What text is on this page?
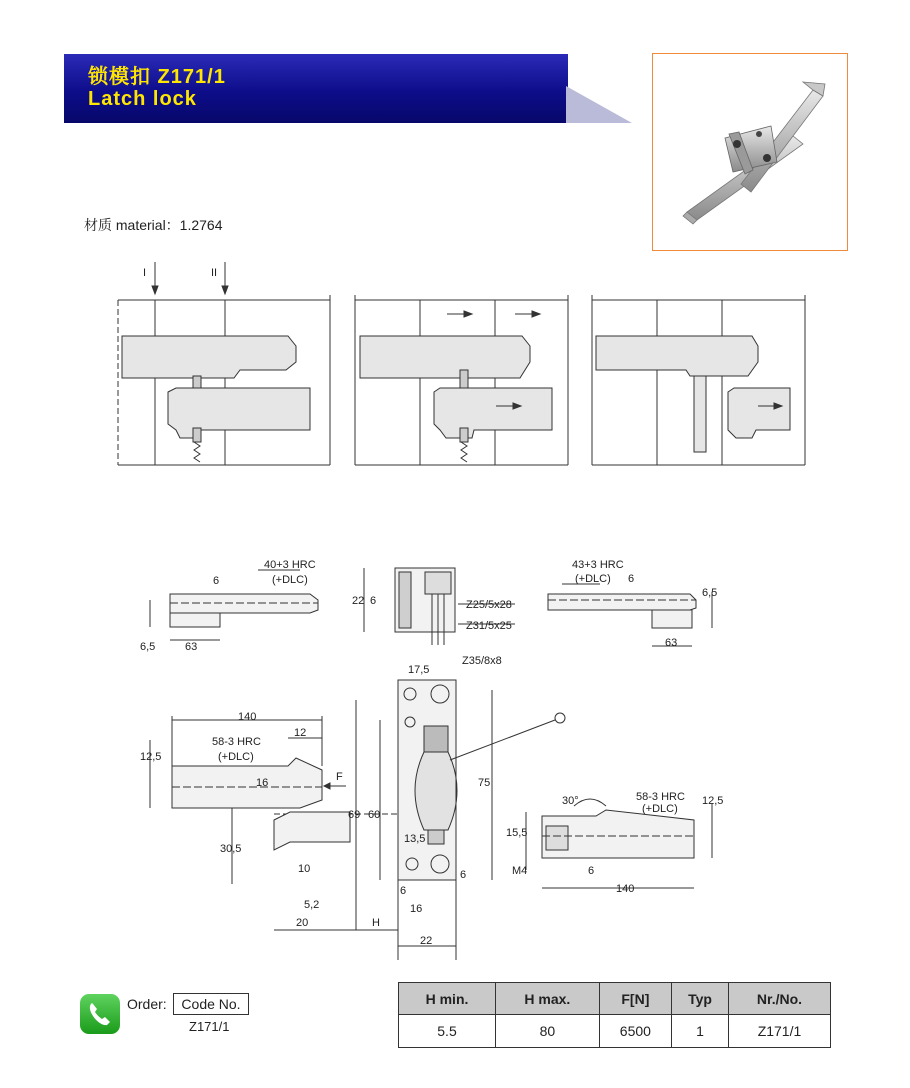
锁模扣 Z171/1
Latch lock
材质 material：1.2764
I	II
40+3 HRC
(+DLC)
6
6,5	63
22 6	Z25/5x28
Z31/5x25
43+3 HRC
(+DLC) 6
6,5
63
17,5
Z35/8x8
140
12
12,5
58-3 HRC
(+DLC)
16	F	75
69 60
30,5
13,5
10
6
6
5,2	16
20	H
22
30°	58-3 HRC
(+DLC)
12,5
15,5
M4	6
140
Order:	Code No.
Z171/1
H min.	H max.	F[N]	Typ	Nr./No.
5.5	80	6500	1	Z171/1
